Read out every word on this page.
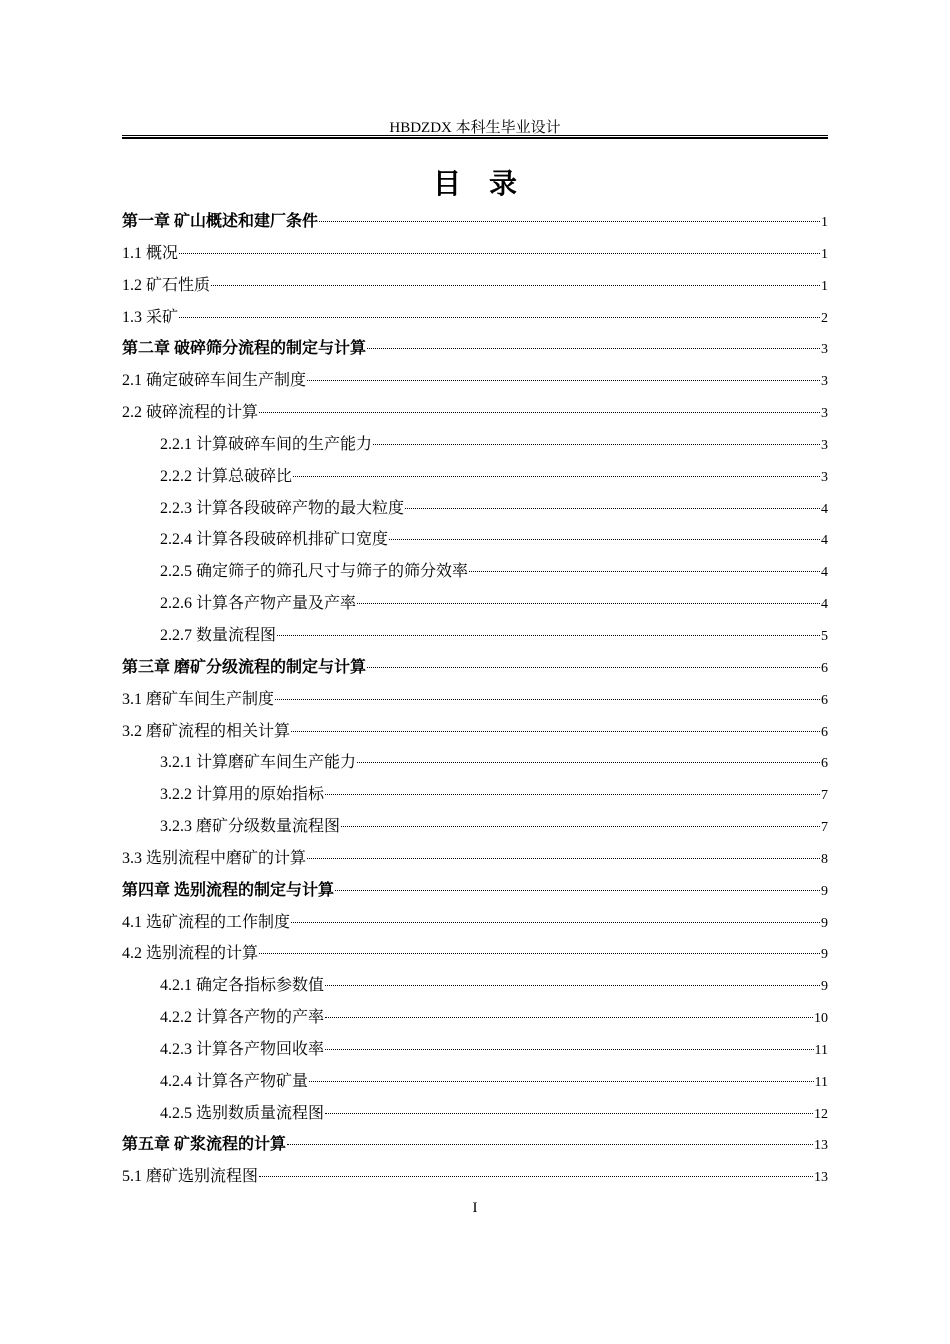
HBDZDX 本科生毕业设计
目录
第一章 矿山概述和建厂条件	1
1.1 概况	1
1.2 矿石性质	1
1.3 采矿	2
第二章 破碎筛分流程的制定与计算	3
2.1 确定破碎车间生产制度	3
2.2 破碎流程的计算	3
2.2.1 计算破碎车间的生产能力	3
2.2.2 计算总破碎比	3
2.2.3 计算各段破碎产物的最大粒度	4
2.2.4 计算各段破碎机排矿口宽度	4
2.2.5 确定筛子的筛孔尺寸与筛子的筛分效率	4
2.2.6 计算各产物产量及产率	4
2.2.7 数量流程图	5
第三章 磨矿分级流程的制定与计算	6
3.1 磨矿车间生产制度	6
3.2 磨矿流程的相关计算	6
3.2.1 计算磨矿车间生产能力	6
3.2.2 计算用的原始指标	7
3.2.3 磨矿分级数量流程图	7
3.3 选别流程中磨矿的计算	8
第四章 选别流程的制定与计算	9
4.1 选矿流程的工作制度	9
4.2 选别流程的计算	9
4.2.1 确定各指标参数值	9
4.2.2 计算各产物的产率	10
4.2.3 计算各产物回收率	11
4.2.4 计算各产物矿量	11
4.2.5 选别数质量流程图	12
第五章 矿浆流程的计算	13
5.1 磨矿选别流程图	13
I
